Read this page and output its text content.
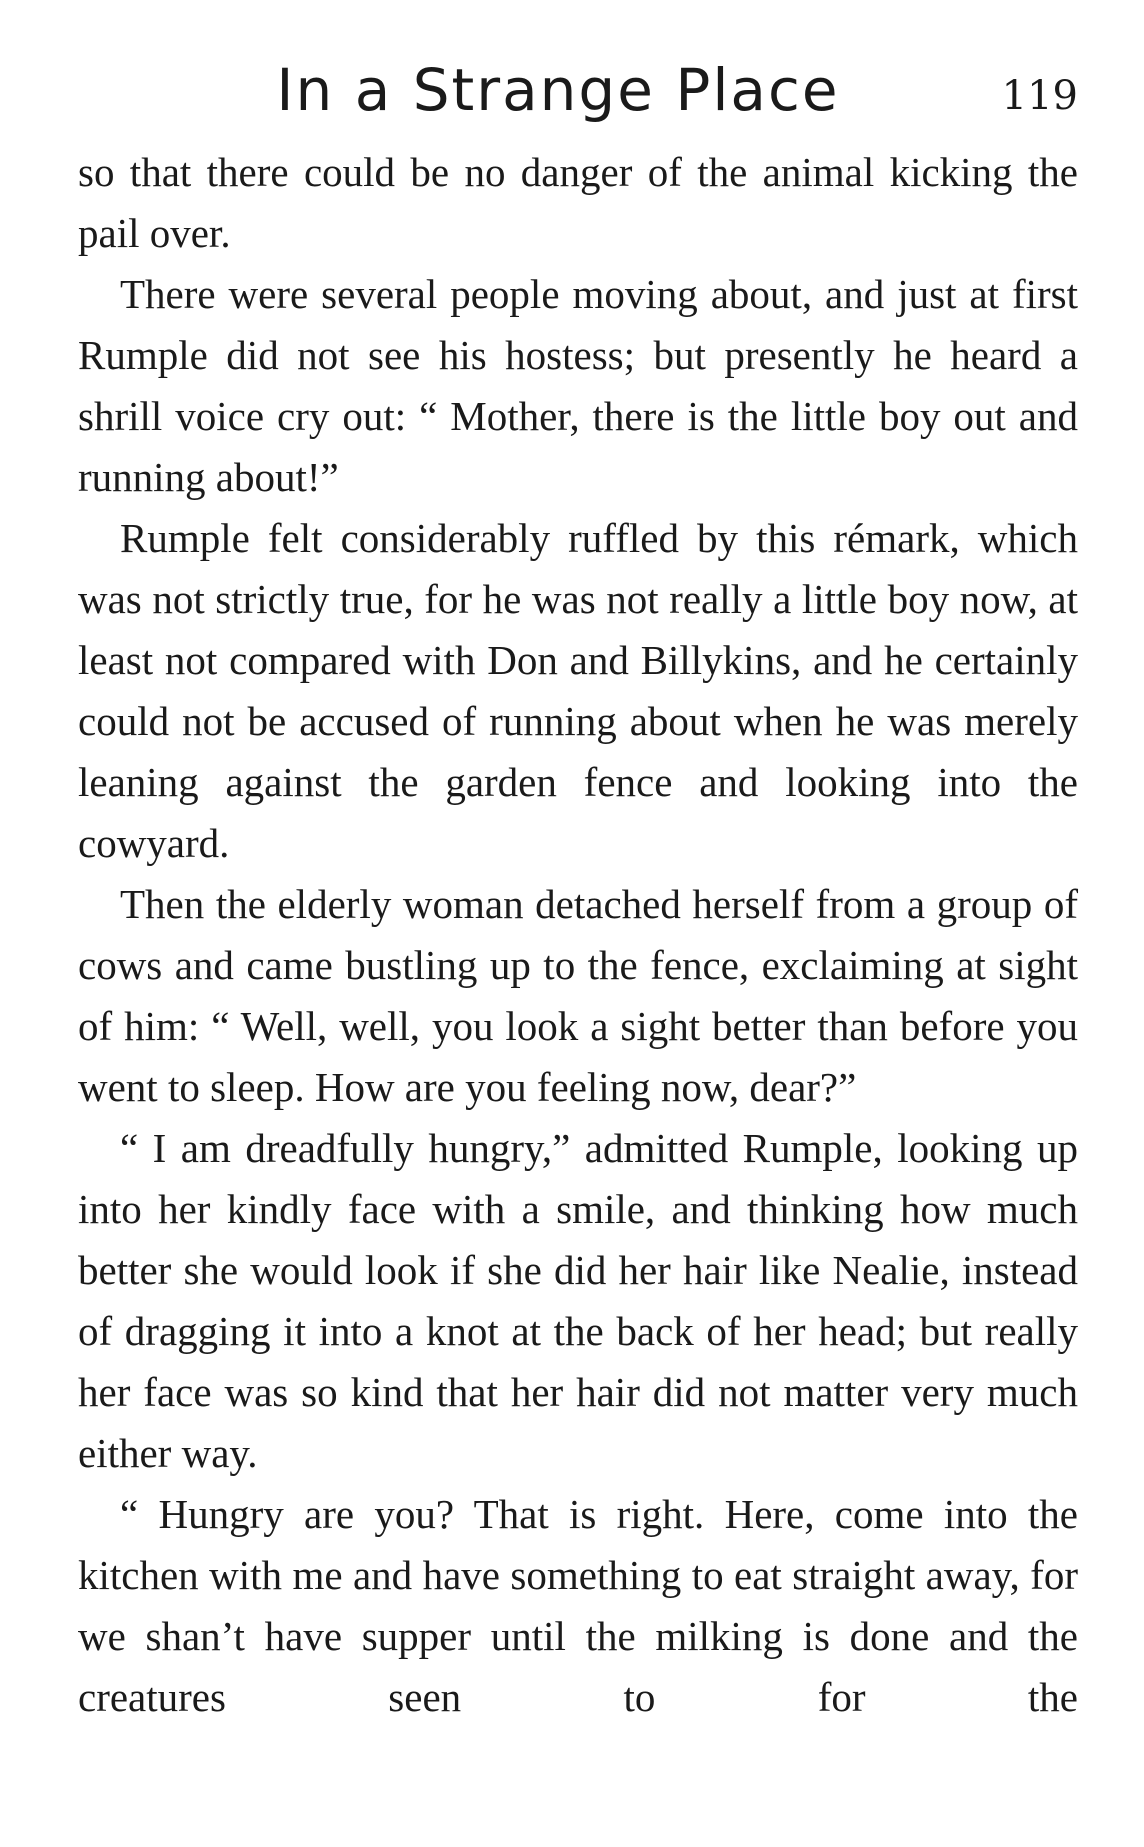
In a Strange Place	119

so that there could be no danger of the animal kicking the pail over.

There were several people moving about, and just at first Rumple did not see his hostess; but presently he heard a shrill voice cry out: “ Mother, there is the little boy out and running about!”

Rumple felt considerably ruffled by this rémark, which was not strictly true, for he was not really a little boy now, at least not compared with Don and Billykins, and he certainly could not be accused of running about when he was merely leaning against the garden fence and looking into the cowyard.

Then the elderly woman detached herself from a group of cows and came bustling up to the fence, exclaiming at sight of him: “ Well, well, you look a sight better than before you went to sleep. How are you feeling now, dear?”

“ I am dreadfully hungry,” admitted Rumple, looking up into her kindly face with a smile, and thinking how much better she would look if she did her hair like Nealie, instead of dragging it into a knot at the back of her head; but really her face was so kind that her hair did not matter very much either way.

“ Hungry are you? That is right. Here, come into the kitchen with me and have something to eat straight away, for we shan’t have supper until the milking is done and the creatures seen to for the
